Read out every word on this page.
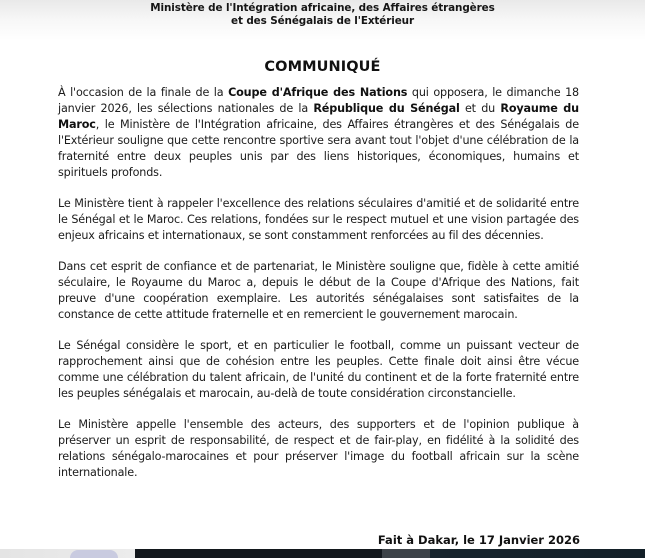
Ministère de l'Intégration africaine, des Affaires étrangères
et des Sénégalais de l'Extérieur
COMMUNIQUÉ

À l'occasion de la finale de la Coupe d'Afrique des Nations qui opposera, le dimanche 18 janvier 2026, les sélections nationales de la République du Sénégal et du Royaume du Maroc, le Ministère de l'Intégration africaine, des Affaires étrangères et des Sénégalais de l'Extérieur souligne que cette rencontre sportive sera avant tout l'objet d'une célébration de la fraternité entre deux peuples unis par des liens historiques, économiques, humains et spirituels profonds.

Le Ministère tient à rappeler l'excellence des relations séculaires d'amitié et de solidarité entre le Sénégal et le Maroc. Ces relations, fondées sur le respect mutuel et une vision partagée des enjeux africains et internationaux, se sont constamment renforcées au fil des décennies.

Dans cet esprit de confiance et de partenariat, le Ministère souligne que, fidèle à cette amitié séculaire, le Royaume du Maroc a, depuis le début de la Coupe d'Afrique des Nations, fait preuve d'une coopération exemplaire. Les autorités sénégalaises sont satisfaites de la constance de cette attitude fraternelle et en remercient le gouvernement marocain.

Le Sénégal considère le sport, et en particulier le football, comme un puissant vecteur de rapprochement ainsi que de cohésion entre les peuples. Cette finale doit ainsi être vécue comme une célébration du talent africain, de l'unité du continent et de la forte fraternité entre les peuples sénégalais et marocain, au-delà de toute considération circonstancielle.

Le Ministère appelle l'ensemble des acteurs, des supporters et de l'opinion publique à préserver un esprit de responsabilité, de respect et de fair-play, en fidélité à la solidité des relations sénégalo-marocaines et pour préserver l'image du football africain sur la scène internationale.

Fait à Dakar, le 17 Janvier 2026
